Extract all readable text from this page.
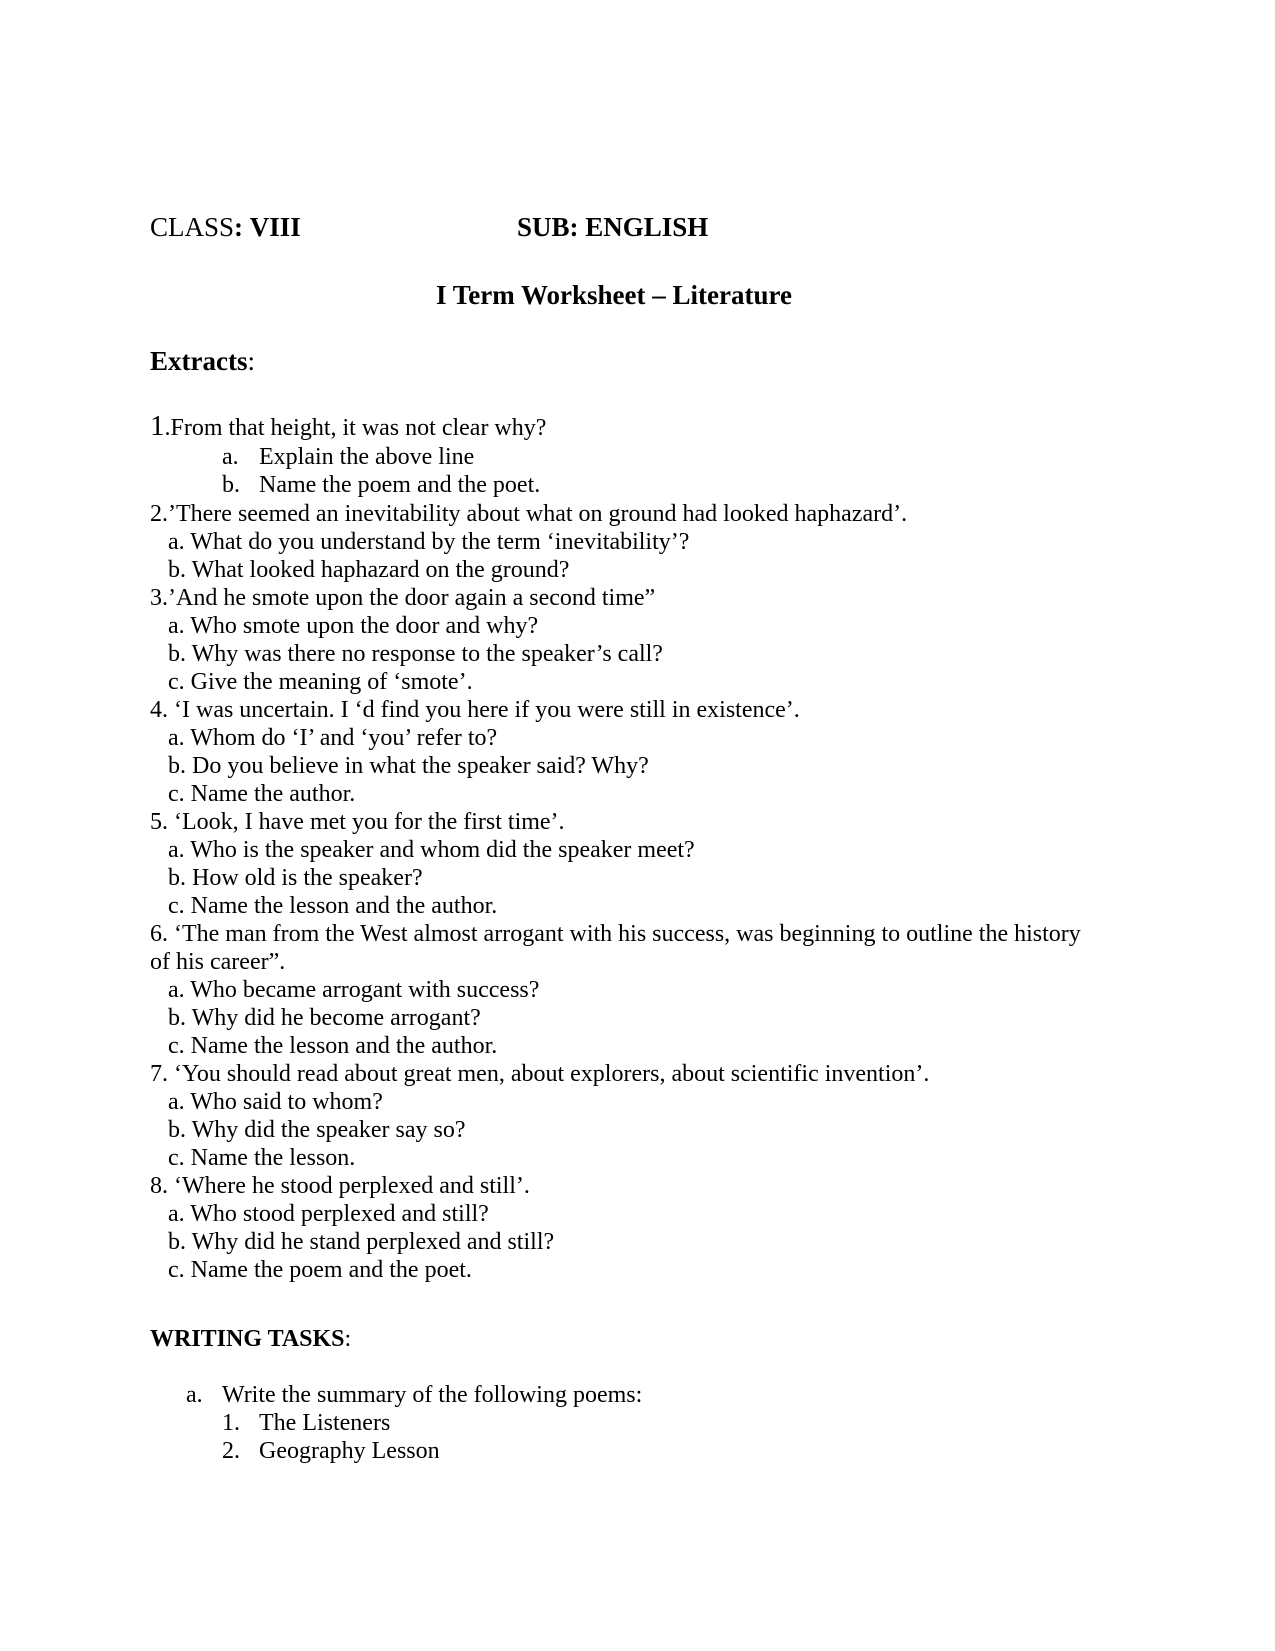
CLASS: VIII	SUB: ENGLISH
I Term Worksheet – Literature
Extracts:
1.From that height, it was not clear why?
a. Explain the above line
b. Name the poem and the poet.
2.’There seemed an inevitability about what on ground had looked haphazard’.
a. What do you understand by the term ‘inevitability’?
b. What looked haphazard on the ground?
3.’And he smote upon the door again a second time”
a. Who smote upon the door and why?
b. Why was there no response to the speaker’s call?
c. Give the meaning of ‘smote’.
4. ‘I was uncertain. I ‘d find you here if you were still in existence’.
a. Whom do ‘I’ and ‘you’ refer to?
b. Do you believe in what the speaker said? Why?
c. Name the author.
5. ‘Look, I have met you for the first time’.
a. Who is the speaker and whom did the speaker meet?
b. How old is the speaker?
c. Name the lesson and the author.
6. ‘The man from the West almost arrogant with his success, was beginning to outline the history
of his career”.
a. Who became arrogant with success?
b. Why did he become arrogant?
c. Name the lesson and the author.
7. ‘You should read about great men, about explorers, about scientific invention’.
a. Who said to whom?
b. Why did the speaker say so?
c. Name the lesson.
8. ‘Where he stood perplexed and still’.
a. Who stood perplexed and still?
b. Why did he stand perplexed and still?
c. Name the poem and the poet.
WRITING TASKS:
a. Write the summary of the following poems:
1. The Listeners
2. Geography Lesson
